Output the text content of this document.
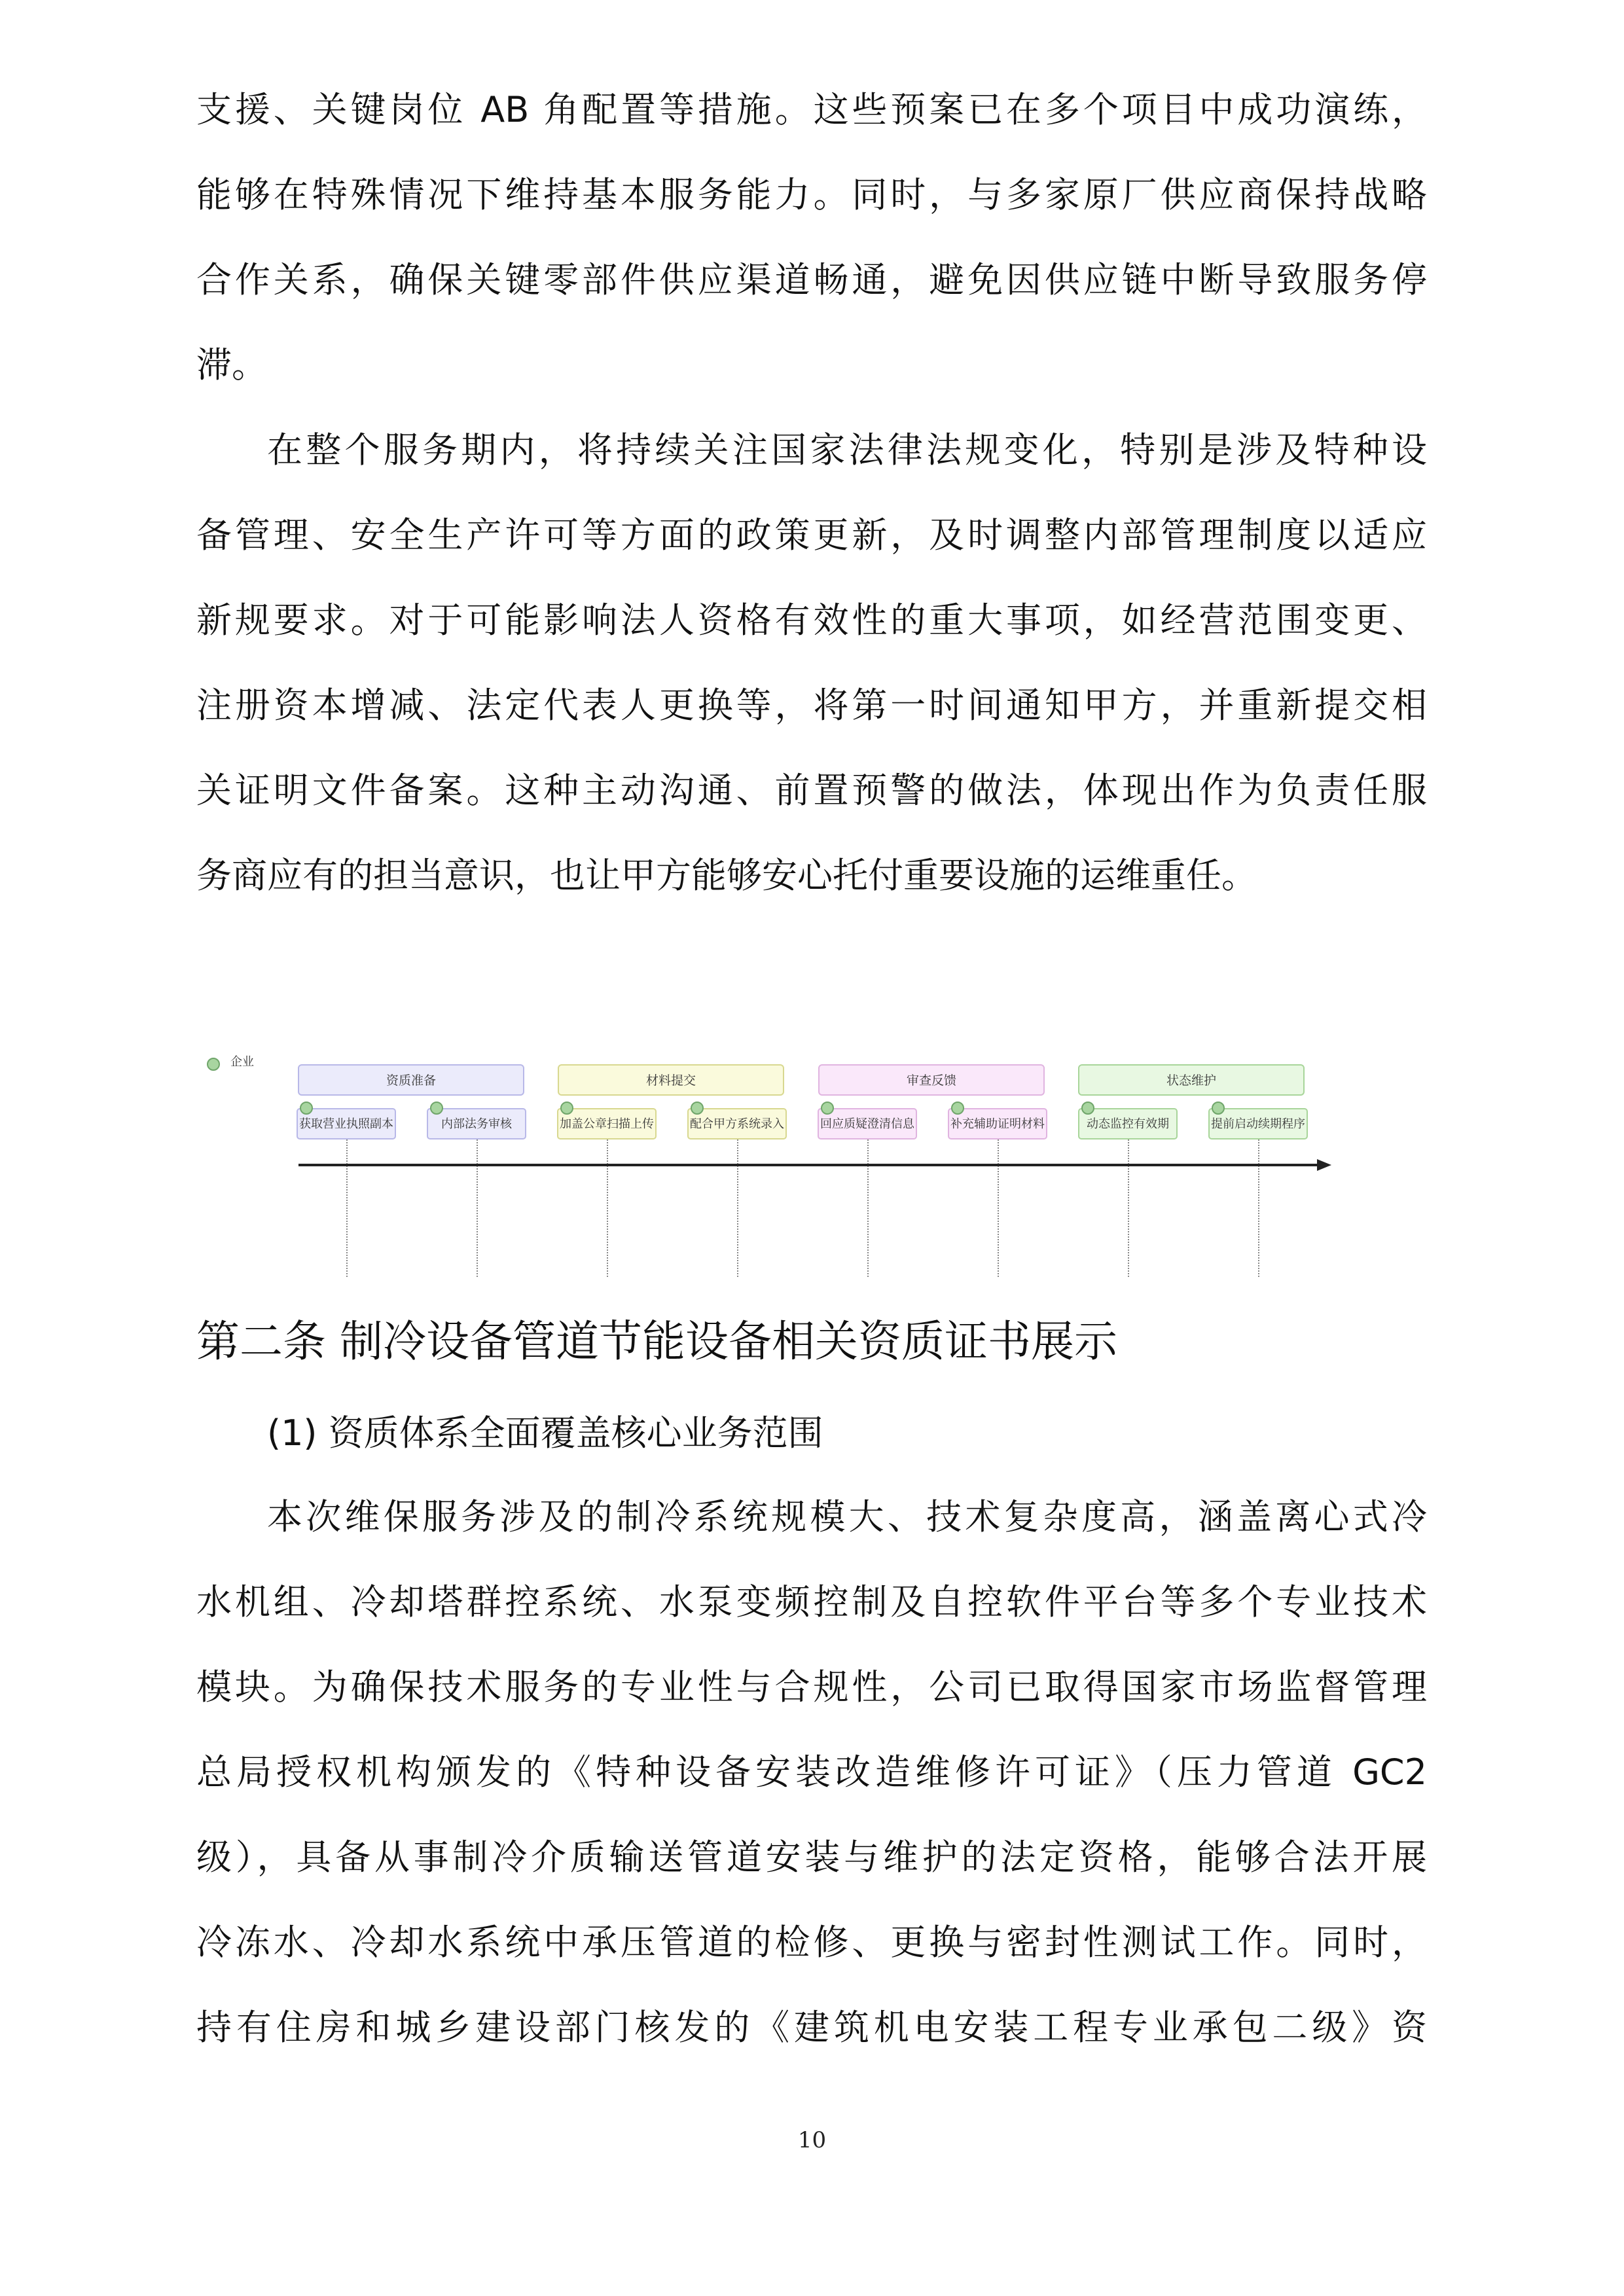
支援、关键岗位 AB 角配置等措施。这些预案已在多个项目中成功演练，
能够在特殊情况下维持基本服务能力。同时，与多家原厂供应商保持战略
合作关系，确保关键零部件供应渠道畅通，避免因供应链中断导致服务停
滞。
在整个服务期内，将持续关注国家法律法规变化，特别是涉及特种设
备管理、安全生产许可等方面的政策更新，及时调整内部管理制度以适应
新规要求。对于可能影响法人资格有效性的重大事项，如经营范围变更、
注册资本增减、法定代表人更换等，将第一时间通知甲方，并重新提交相
关证明文件备案。这种主动沟通、前置预警的做法，体现出作为负责任服
务商应有的担当意识，也让甲方能够安心托付重要设施的运维重任。
企业
资质准备	材料提交	审查反馈	状态维护
获取营业执照副本	内部法务审核	加盖公章扫描上传	配合甲方系统录入	回应质疑澄清信息	补充辅助证明材料	动态监控有效期	提前启动续期程序
第二条 制冷设备管道节能设备相关资质证书展示
(1) 资质体系全面覆盖核心业务范围
本次维保服务涉及的制冷系统规模大、技术复杂度高，涵盖离心式冷
水机组、冷却塔群控系统、水泵变频控制及自控软件平台等多个专业技术
模块。为确保技术服务的专业性与合规性，公司已取得国家市场监督管理
总局授权机构颁发的《特种设备安装改造维修许可证》（压力管道 GC2
级），具备从事制冷介质输送管道安装与维护的法定资格，能够合法开展
冷冻水、冷却水系统中承压管道的检修、更换与密封性测试工作。同时，
持有住房和城乡建设部门核发的《建筑机电安装工程专业承包二级》资
10
